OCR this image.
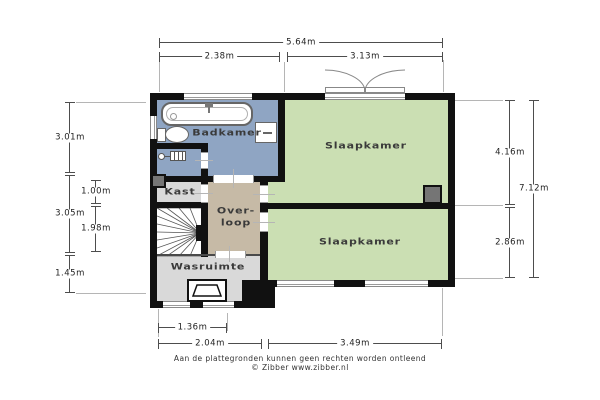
Badkamer
Slaapkamer
Slaapkamer
Kast
Over-
loop
Wasruimte
5.64m
2.38m	3.13m
3.01m
3.05m
1.45m
1.00m
1.98m
4.16m
2.86m
7.12m
1.36m
2.04m	3.49m
Aan de plattegronden kunnen geen rechten worden ontleend
© Zibber www.zibber.nl
